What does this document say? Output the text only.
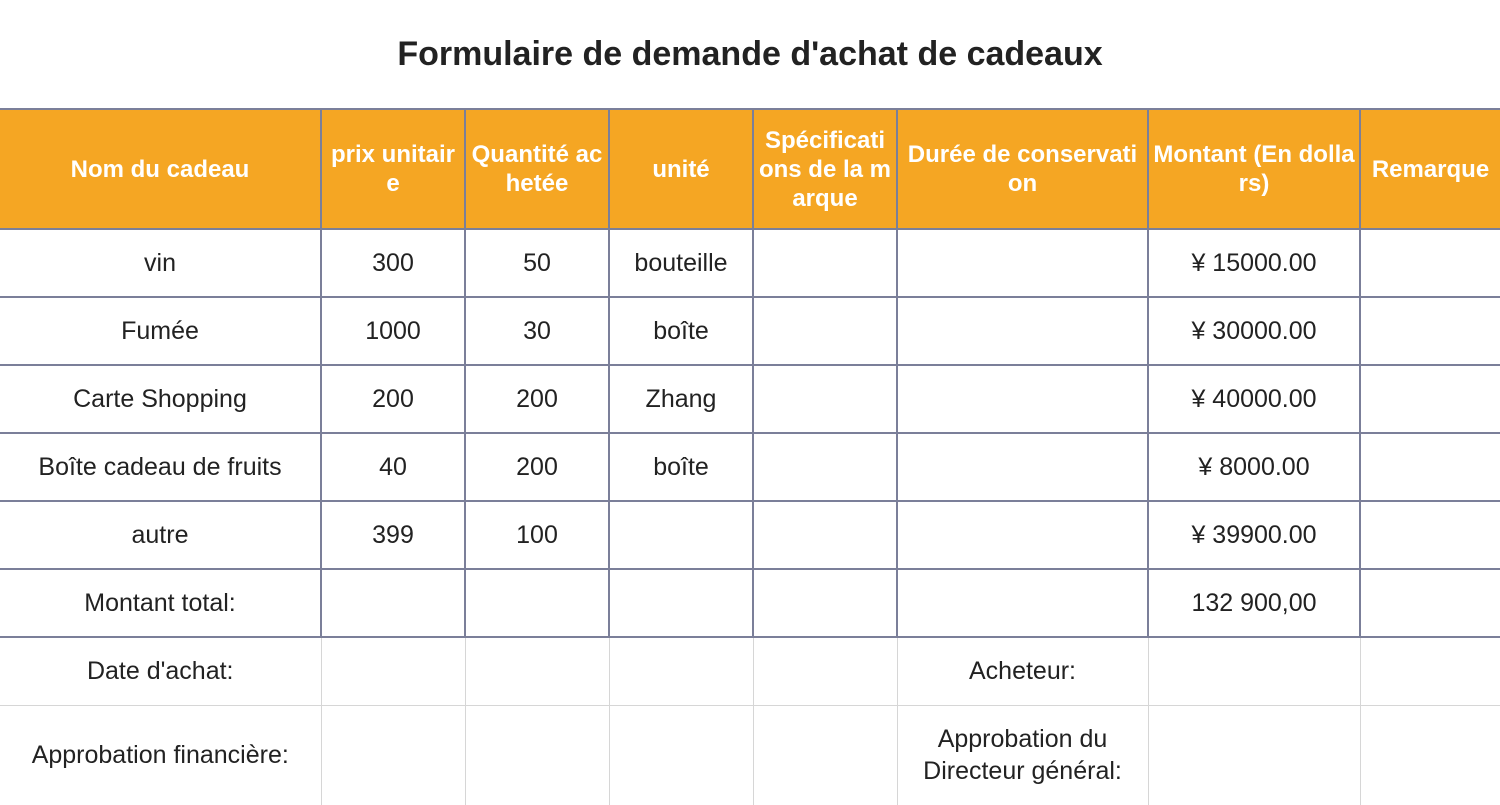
Formulaire de demande d'achat de cadeaux
Nom du cadeau	prix unitaire	Quantité achetée	unité	Spécifications de la marque	Durée de conservation	Montant (En dollars)	Remarque
vin	300	50	bouteille			¥ 15000.00	
Fumée	1000	30	boîte			¥ 30000.00	
Carte Shopping	200	200	Zhang			¥ 40000.00	
Boîte cadeau de fruits	40	200	boîte			¥ 8000.00	
autre	399	100				¥ 39900.00	
Montant total:						132 900,00	
Date d'achat:					Acheteur:		
Approbation financière:					Approbation du Directeur général:		
